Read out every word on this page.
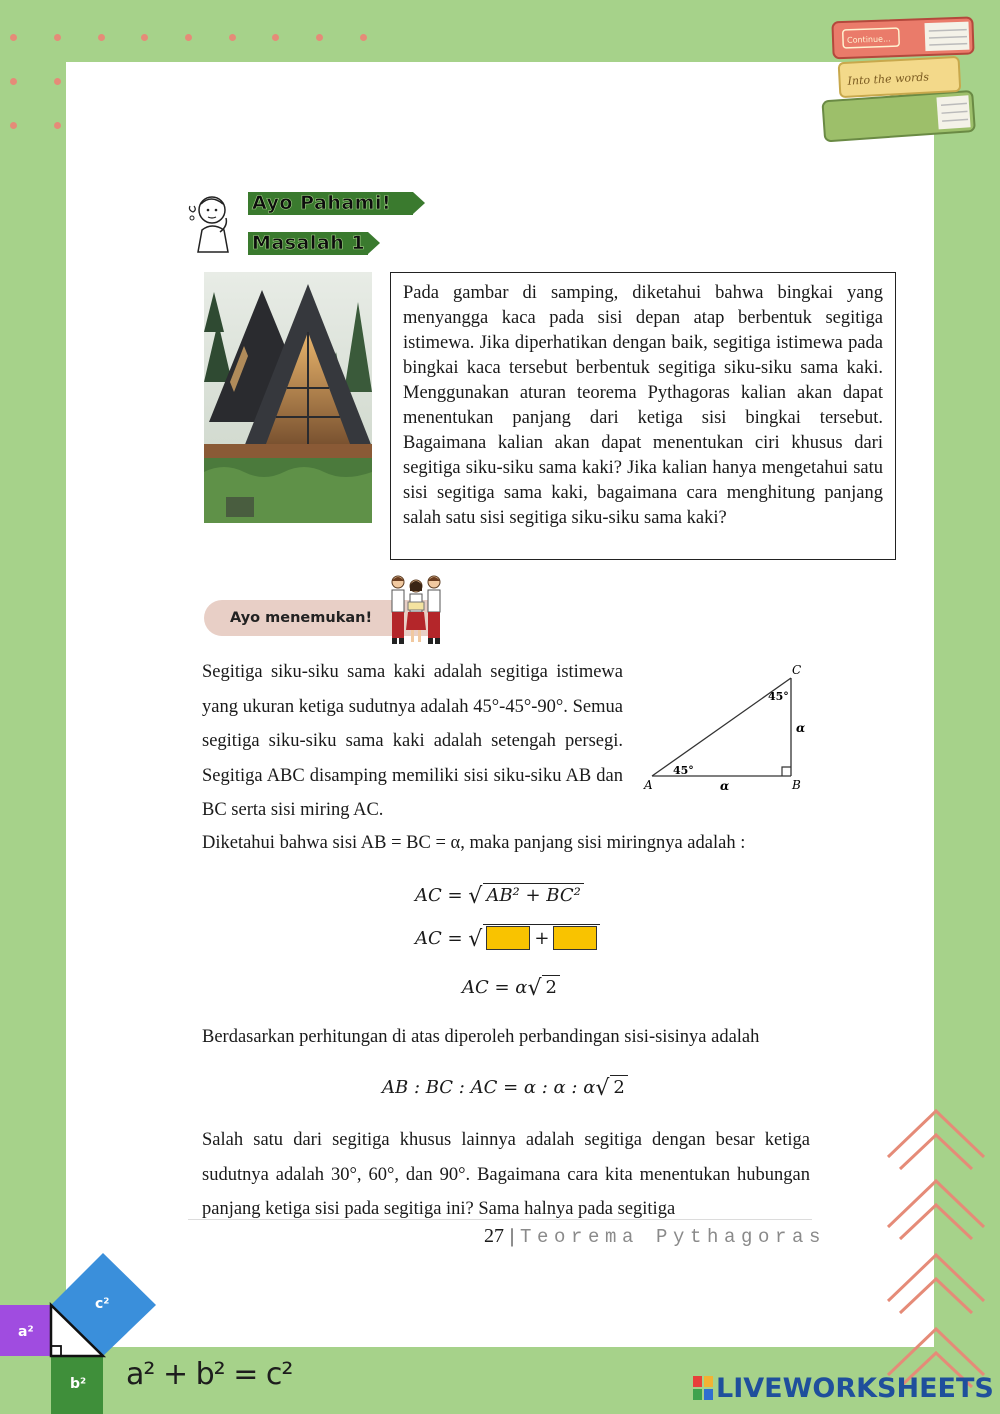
Into the words
Continue...
Ayo Pahami!
Masalah 1

Pada gambar di samping, diketahui bahwa bingkai yang menyangga kaca pada sisi depan atap berbentuk segitiga istimewa. Jika diperhatikan dengan baik, segitiga istimewa pada bingkai kaca tersebut berbentuk segitiga siku-siku sama kaki. Menggunakan aturan teorema Pythagoras kalian akan dapat menentukan panjang dari ketiga sisi bingkai tersebut. Bagaimana kalian akan dapat menentukan ciri khusus dari segitiga siku-siku sama kaki? Jika kalian hanya mengetahui satu sisi segitiga sama kaki, bagaimana cara menghitung panjang salah satu sisi segitiga siku-siku sama kaki?

Ayo menemukan!

Segitiga siku-siku sama kaki adalah segitiga istimewa yang ukuran ketiga sudutnya adalah 45°-45°-90°. Semua segitiga siku-siku sama kaki adalah setengah persegi. Segitiga ABC disamping memiliki sisi siku-siku AB dan BC serta sisi miring AC.

A	B
C
45°
45°
α
α

Diketahui bahwa sisi AB = BC = α, maka panjang sisi miringnya adalah :

AC = √ AB² + BC²
AC = √	+
AC = α√ 2

Berdasarkan perhitungan di atas diperoleh perbandingan sisi-sisinya adalah

AB : BC : AC = α : α : α√ 2

Salah satu dari segitiga khusus lainnya adalah segitiga dengan besar ketiga sudutnya adalah 30°, 60°, dan 90°. Bagaimana cara kita menentukan hubungan panjang ketiga sisi pada segitiga ini? Sama halnya pada segitiga

27 | Teorema Pythagoras
a²
b²
c²
a² + b² = c²	LIVEWORKSHEETS
